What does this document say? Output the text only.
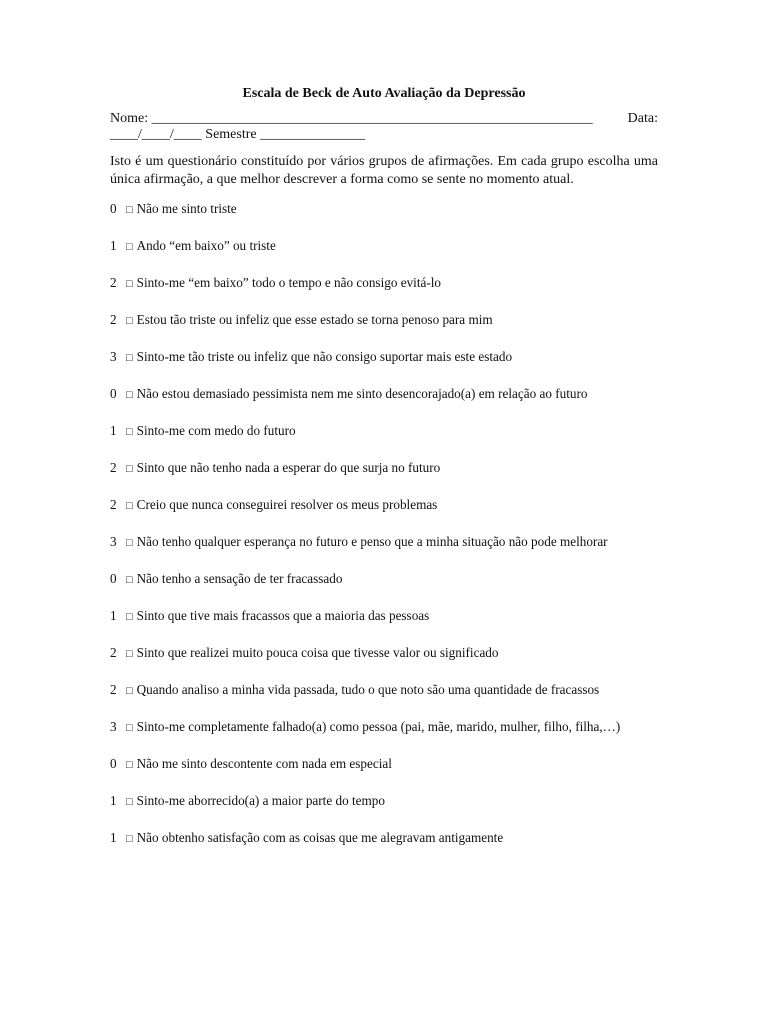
Escala de Beck de Auto Avaliação da Depressão
Nome: _______________________________________________________________	Data:
____/____/____ Semestre _______________
Isto é um questionário constituído por vários grupos de afirmações. Em cada grupo escolha uma única afirmação, a que melhor descrever a forma como se sente no momento atual.
0 □ Não me sinto triste
1 □ Ando “em baixo” ou triste
2 □ Sinto-me “em baixo” todo o tempo e não consigo evitá-lo
2 □ Estou tão triste ou infeliz que esse estado se torna penoso para mim
3 □ Sinto-me tão triste ou infeliz que não consigo suportar mais este estado
0 □ Não estou demasiado pessimista nem me sinto desencorajado(a) em relação ao futuro
1 □ Sinto-me com medo do futuro
2 □ Sinto que não tenho nada a esperar do que surja no futuro
2 □ Creio que nunca conseguirei resolver os meus problemas
3 □ Não tenho qualquer esperança no futuro e penso que a minha situação não pode melhorar
0 □ Não tenho a sensação de ter fracassado
1 □ Sinto que tive mais fracassos que a maioria das pessoas
2 □ Sinto que realizei muito pouca coisa que tivesse valor ou significado
2 □ Quando analiso a minha vida passada, tudo o que noto são uma quantidade de fracassos
3 □ Sinto-me completamente falhado(a) como pessoa (pai, mãe, marido, mulher, filho, filha,…)
0 □ Não me sinto descontente com nada em especial
1 □ Sinto-me aborrecido(a) a maior parte do tempo
1 □ Não obtenho satisfação com as coisas que me alegravam antigamente
